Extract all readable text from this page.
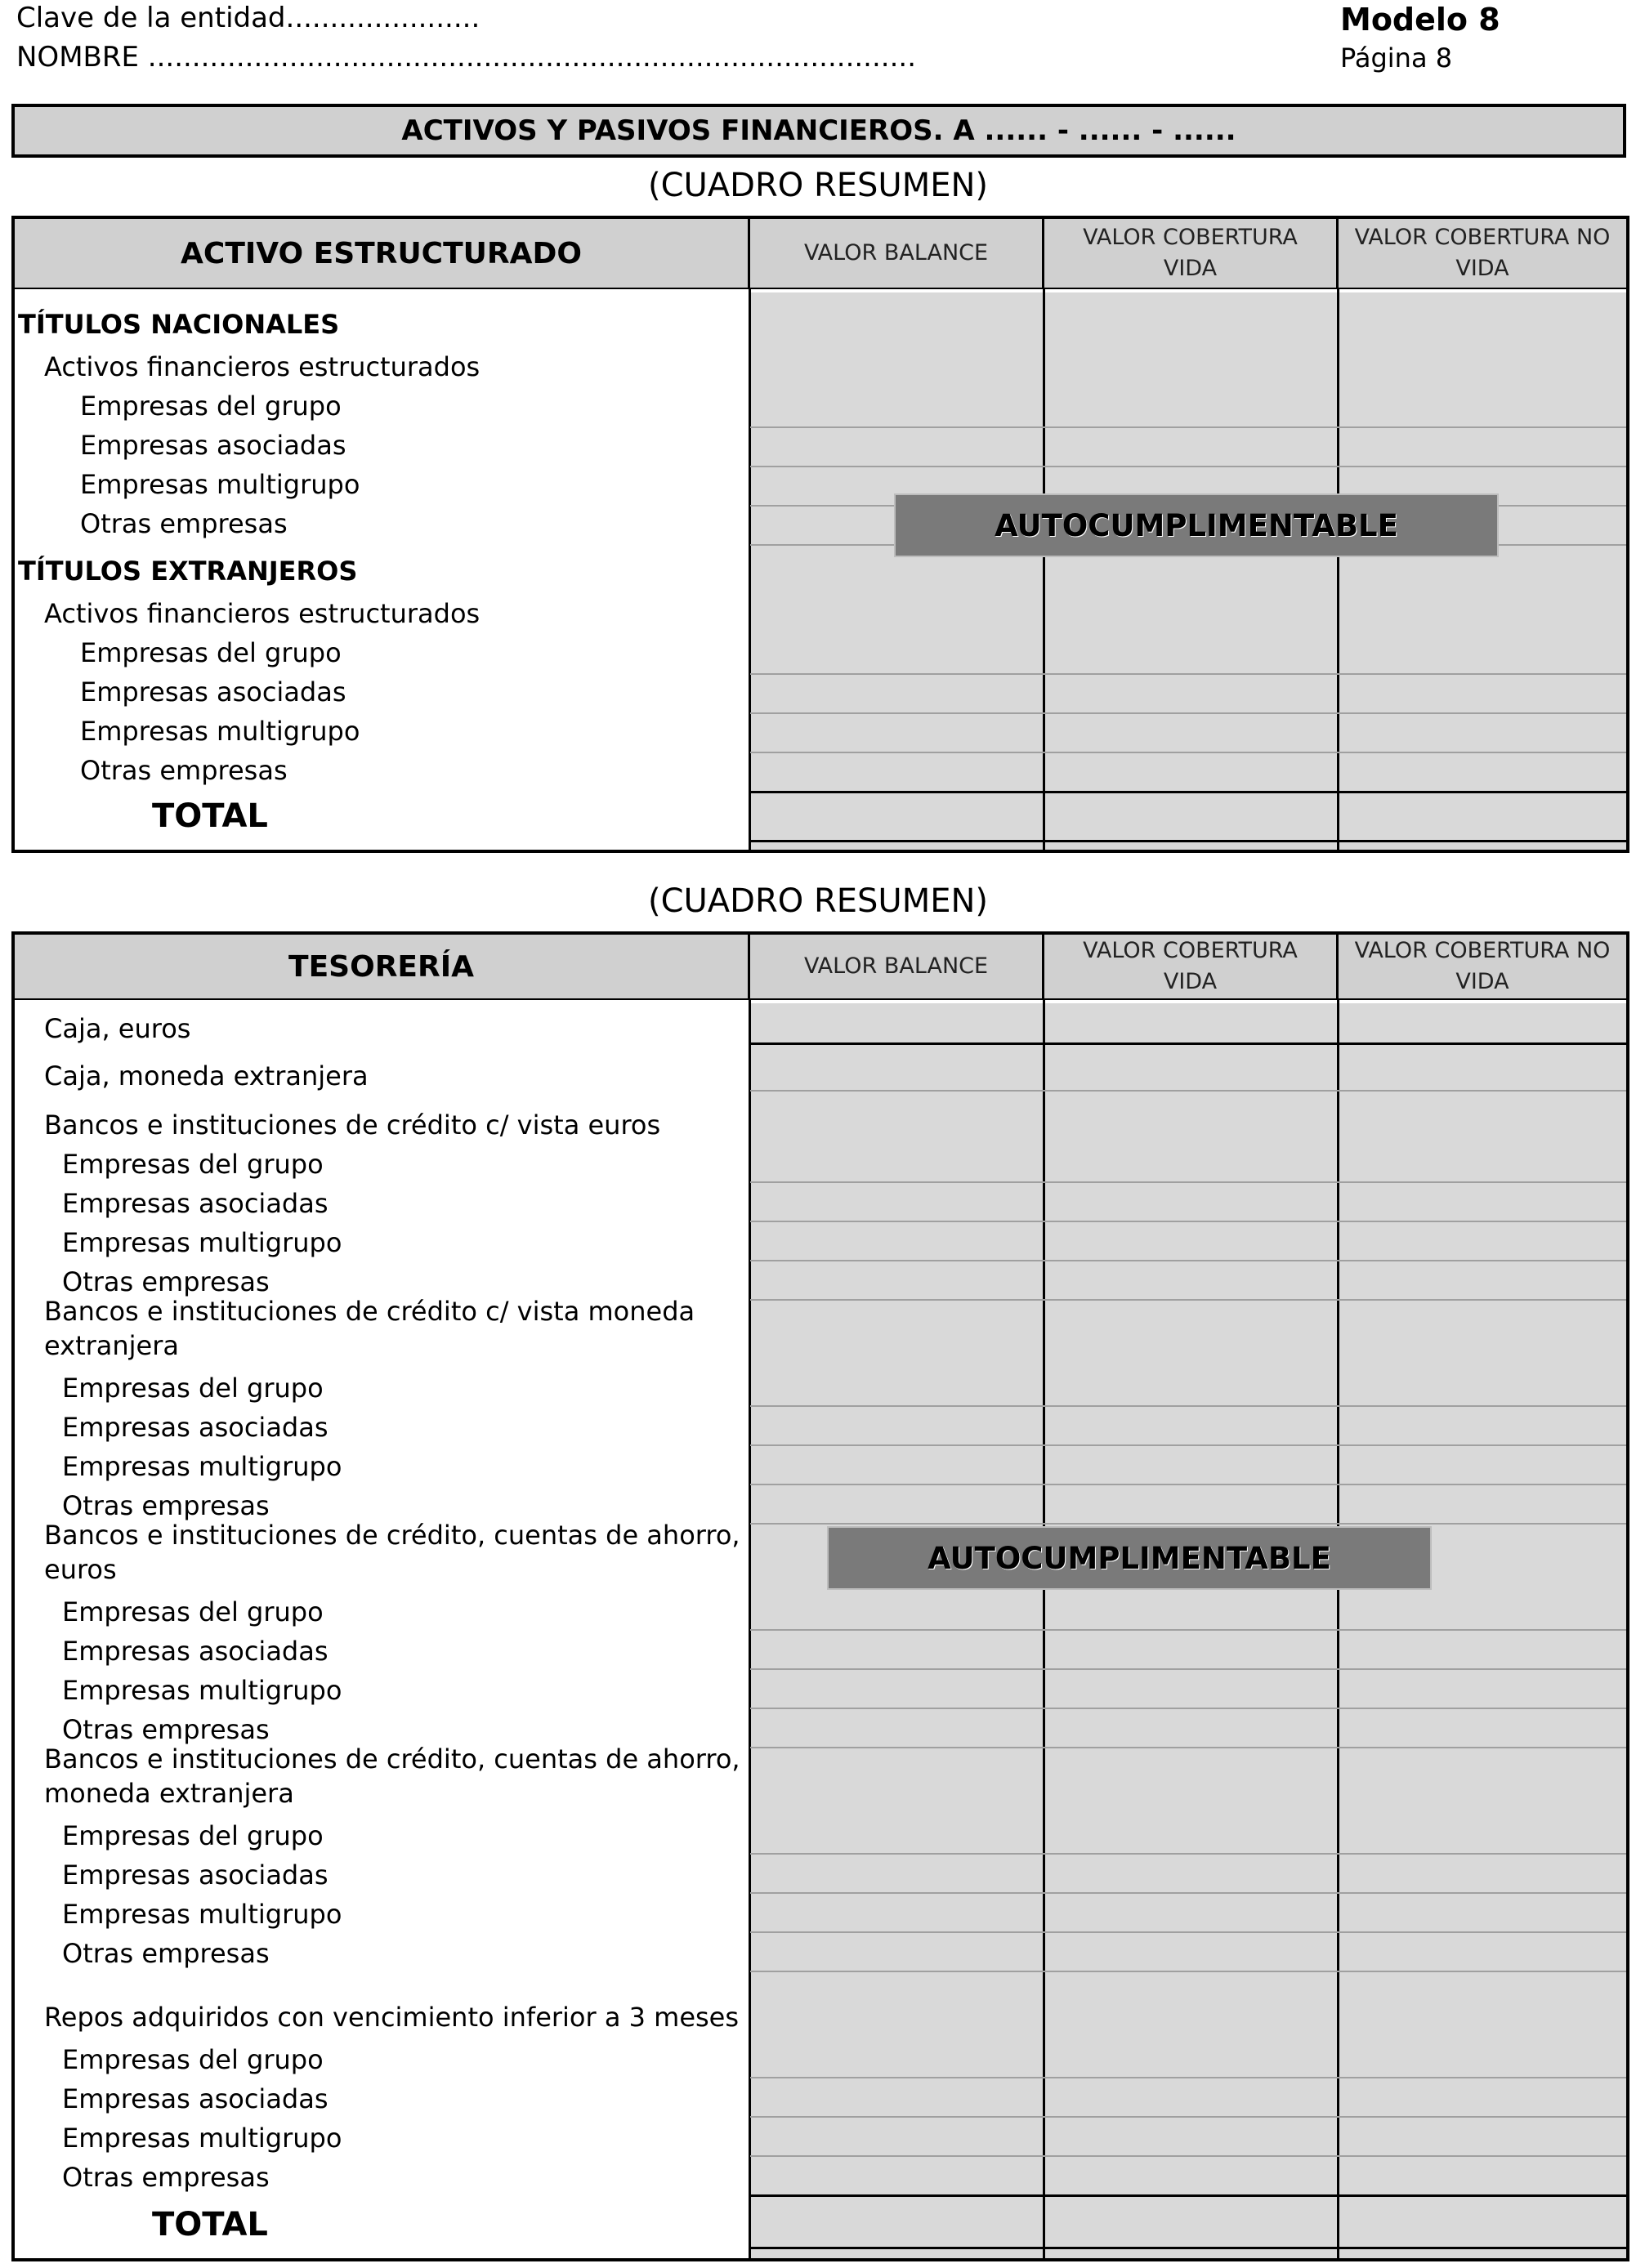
Clave de la entidad......................
NOMBRE .......................................................................................
Modelo 8
Página 8
ACTIVOS Y PASIVOS FINANCIEROS. A ...... - ...... - ......
(CUADRO RESUMEN)
ACTIVO ESTRUCTURADO	VALOR BALANCE
VALOR COBERTURA VIDA
VALOR COBERTURA NO VIDA
TÍTULOS NACIONALES
Activos financieros estructurados
Empresas del grupo
Empresas asociadas
Empresas multigrupo
Otras empresas
TÍTULOS EXTRANJEROS
Activos financieros estructurados
Empresas del grupo
Empresas asociadas
Empresas multigrupo
Otras empresas
TOTAL
AUTOCUMPLIMENTABLE
(CUADRO RESUMEN)
TESORERÍA	VALOR BALANCE
VALOR COBERTURA VIDA
VALOR COBERTURA NO VIDA
Caja, euros
Caja, moneda extranjera
Bancos e instituciones de crédito c/ vista euros
Empresas del grupo
Empresas asociadas
Empresas multigrupo
Otras empresas
Bancos e instituciones de crédito c/ vista moneda extranjera
Empresas del grupo
Empresas asociadas
Empresas multigrupo
Otras empresas
Bancos e instituciones de crédito, cuentas de ahorro, euros
Empresas del grupo
Empresas asociadas
Empresas multigrupo
Otras empresas
Bancos e instituciones de crédito, cuentas de ahorro, moneda extranjera
Empresas del grupo
Empresas asociadas
Empresas multigrupo
Otras empresas
Repos adquiridos con vencimiento inferior a 3 meses
Empresas del grupo
Empresas asociadas
Empresas multigrupo
Otras empresas
TOTAL
AUTOCUMPLIMENTABLE
